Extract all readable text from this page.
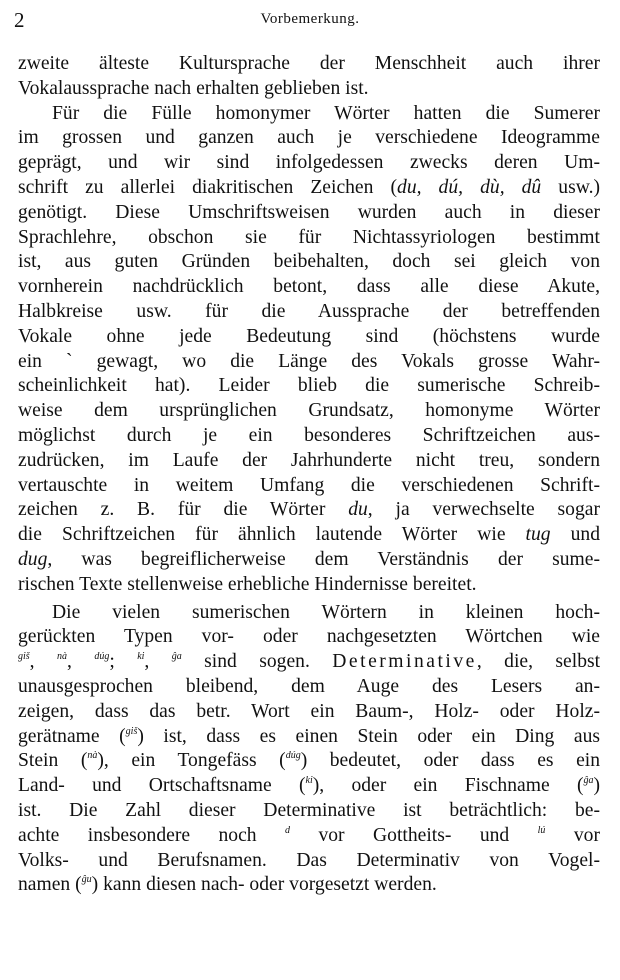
2	Vorbemerkung.
zweite älteste Kultursprache der Menschheit auch ihrer
Vokalaussprache nach erhalten geblieben ist.
Für die Fülle homonymer Wörter hatten die Sumerer
im grossen und ganzen auch je verschiedene Ideogramme
geprägt, und wir sind infolgedessen zwecks deren Um-
schrift zu allerlei diakritischen Zeichen (du, dú, dù, dû usw.)
genötigt. Diese Umschriftsweisen wurden auch in dieser
Sprachlehre, obschon sie für Nichtassyriologen bestimmt
ist, aus guten Gründen beibehalten, doch sei gleich von
vornherein nachdrücklich betont, dass alle diese Akute,
Halbkreise usw. für die Aussprache der betreffenden
Vokale ohne jede Bedeutung sind (höchstens wurde
ein ` gewagt, wo die Länge des Vokals grosse Wahr-
scheinlichkeit hat). Leider blieb die sumerische Schreib-
weise dem ursprünglichen Grundsatz, homonyme Wörter
möglichst durch je ein besonderes Schriftzeichen aus-
zudrücken, im Laufe der Jahrhunderte nicht treu, sondern
vertauschte in weitem Umfang die verschiedenen Schrift-
zeichen z. B. für die Wörter du, ja verwechselte sogar
die Schriftzeichen für ähnlich lautende Wörter wie tug und
dug, was begreiflicherweise dem Verständnis der sume-
rischen Texte stellenweise erhebliche Hindernisse bereitet.
Die vielen sumerischen Wörtern in kleinen hoch-
gerückten Typen vor- oder nachgesetzten Wörtchen wie
$^{giš}$, $^{nà}$, $^{dúg}$; $^{ki}$, $^{ĝa}$ sind sogen. Determinative, die, selbst
unausgesprochen bleibend, dem Auge des Lesers an-
zeigen, dass das betr. Wort ein Baum-, Holz- oder Holz-
gerätname ($^{giš}$) ist, dass es einen Stein oder ein Ding aus
Stein ($^{nà}$), ein Tongefäss ($^{dúg}$) bedeutet, oder dass es ein
Land- und Ortschaftsname ($^{ki}$), oder ein Fischname ($^{ĝa}$)
ist. Die Zahl dieser Determinative ist beträchtlich: be-
achte insbesondere noch $^d$ vor Gottheits- und $^{lú}$ vor
Volks- und Berufsnamen. Das Determinativ von Vogel-
namen ($^{ĝu}$) kann diesen nach- oder vorgesetzt werden.
